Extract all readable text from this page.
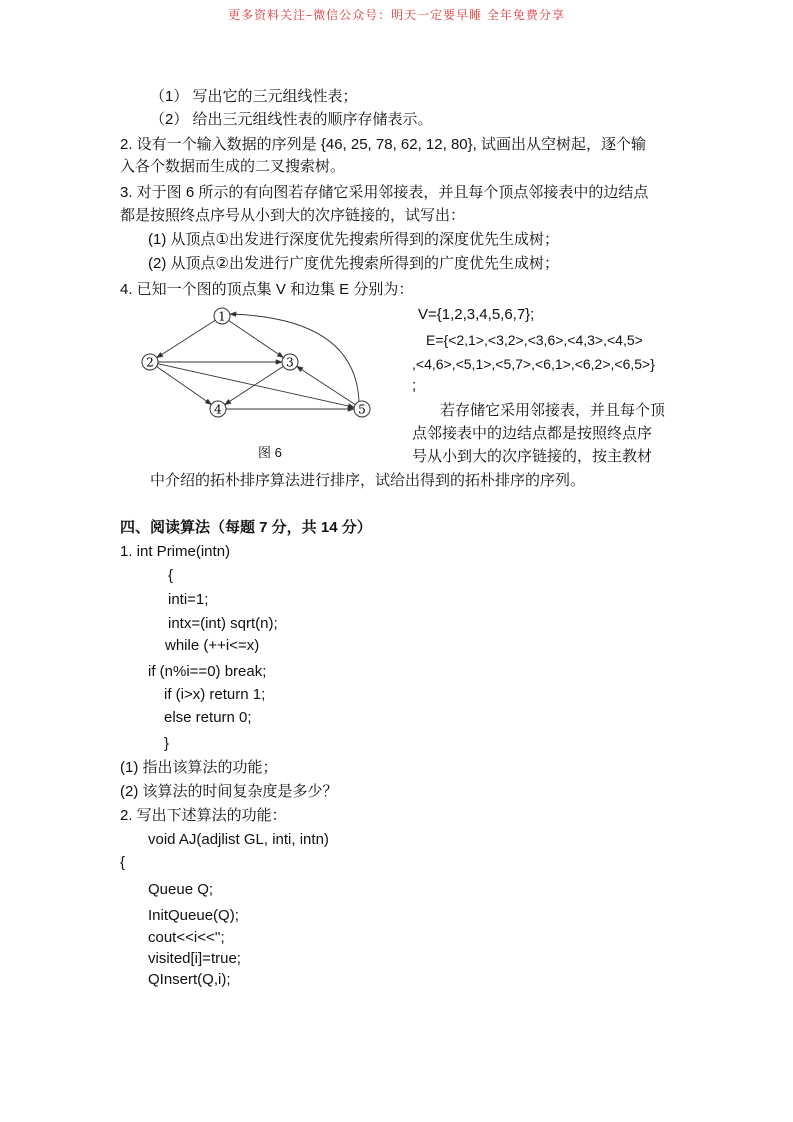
更多资料关注–微信公众号：明天一定要早睡 全年免费分享
（1） 写出它的三元组线性表；
（2） 给出三元组线性表的顺序存储表示。
2. 设有一个输入数据的序列是 {46, 25, 78, 62, 12, 80}, 试画出从空树起，逐个输
入各个数据而生成的二叉搜索树。
3. 对于图 6 所示的有向图若存储它采用邻接表，并且每个顶点邻接表中的边结点
都是按照终点序号从小到大的次序链接的，试写出：
(1) 从顶点①出发进行深度优先搜索所得到的深度优先生成树；
(2) 从顶点②出发进行广度优先搜索所得到的广度优先生成树；
4. 已知一个图的顶点集 V 和边集 E 分别为：
V={1,2,3,4,5,6,7};
E={<2,1>,<3,2>,<3,6>,<4,3>,<4,5>
,<4,6>,<5,1>,<5,7>,<6,1>,<6,2>,<6,5>}
;
若存储它采用邻接表，并且每个顶
点邻接表中的边结点都是按照终点序
号从小到大的次序链接的，按主教材
中介绍的拓朴排序算法进行排序，试给出得到的拓朴排序的序列。
图 6
1
2	3
4	5
四、阅读算法（每题 7 分，共 14 分）
1. int Prime(intn)
{
inti=1;
intx=(int) sqrt(n);
while (++i<=x)
if (n%i==0) break;
if (i>x) return 1;
else return 0;
}
(1) 指出该算法的功能；
(2) 该算法的时间复杂度是多少？
2. 写出下述算法的功能：
void AJ(adjlist GL, inti, intn)
{
Queue Q;
InitQueue(Q);
cout<<i<<'';
visited[i]=true;
QInsert(Q,i);
